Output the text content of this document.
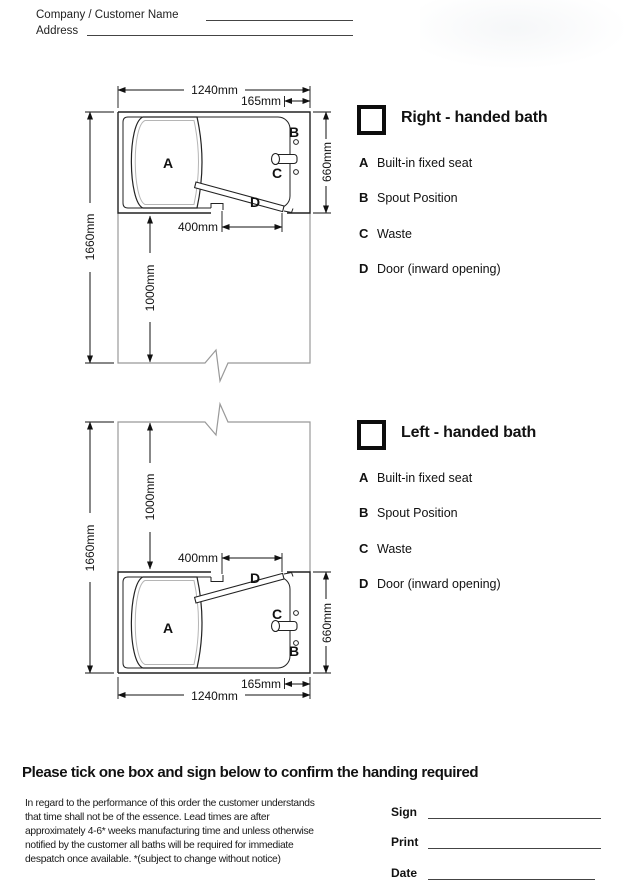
Company / Customer Name
Address
1240mm
165mm
660mm
1660mm
1000mm
400mm
A
B
C
D
1240mm
165mm
660mm
1660mm
1000mm
400mm
A
B
C
D
Right - handed bath
A Built-in fixed seat
B Spout Position
C Waste
D Door (inward opening)
Left - handed bath
A Built-in fixed seat
B Spout Position
C Waste
D Door (inward opening)
Please tick one box and sign below to confirm the handing required
In regard to the performance of this order the customer understands that time shall not be of the essence. Lead times are after approximately 4-6* weeks manufacturing time and unless otherwise notified by the customer all baths will be required for immediate despatch once available. *(subject to change without notice)
Sign
Print
Date
